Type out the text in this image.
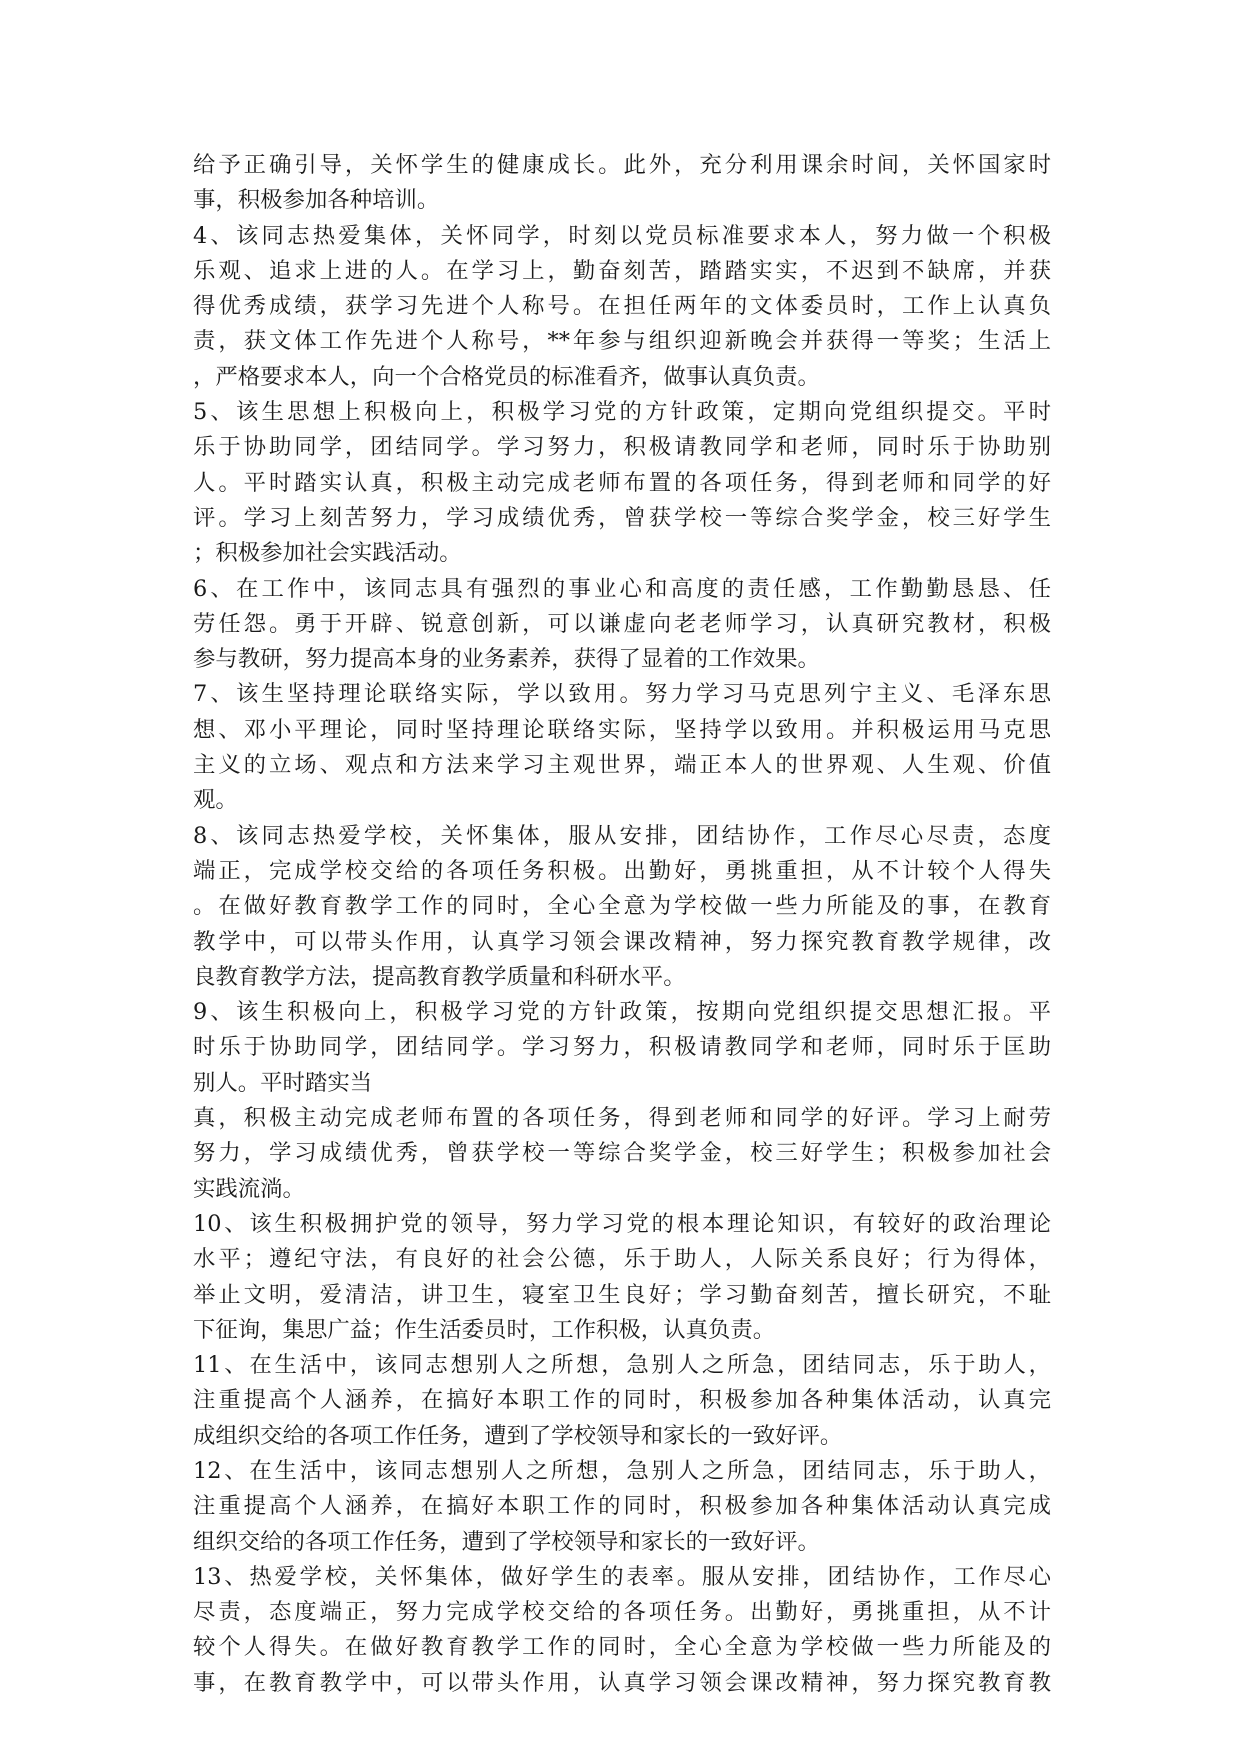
给予正确引导，关怀学生的健康成长。此外，充分利用课余时间，关怀国家时
事，积极参加各种培训。
4、该同志热爱集体，关怀同学，时刻以党员标准要求本人，努力做一个积极
乐观、追求上进的人。在学习上，勤奋刻苦，踏踏实实，不迟到不缺席，并获
得优秀成绩，获学习先进个人称号。在担任两年的文体委员时，工作上认真负
责，获文体工作先进个人称号，**年参与组织迎新晚会并获得一等奖；生活上
，严格要求本人，向一个合格党员的标准看齐，做事认真负责。
5、该生思想上积极向上，积极学习党的方针政策，定期向党组织提交。平时
乐于协助同学，团结同学。学习努力，积极请教同学和老师，同时乐于协助别
人。平时踏实认真，积极主动完成老师布置的各项任务，得到老师和同学的好
评。学习上刻苦努力，学习成绩优秀，曾获学校一等综合奖学金，校三好学生
；积极参加社会实践活动。
6、在工作中，该同志具有强烈的事业心和高度的责任感，工作勤勤恳恳、任
劳任怨。勇于开辟、锐意创新，可以谦虚向老老师学习，认真研究教材，积极
参与教研，努力提高本身的业务素养，获得了显着的工作效果。
7、该生坚持理论联络实际，学以致用。努力学习马克思列宁主义、毛泽东思
想、邓小平理论，同时坚持理论联络实际，坚持学以致用。并积极运用马克思
主义的立场、观点和方法来学习主观世界，端正本人的世界观、人生观、价值
观。
8、该同志热爱学校，关怀集体，服从安排，团结协作，工作尽心尽责，态度
端正，完成学校交给的各项任务积极。出勤好，勇挑重担，从不计较个人得失
。在做好教育教学工作的同时，全心全意为学校做一些力所能及的事，在教育
教学中，可以带头作用，认真学习领会课改精神，努力探究教育教学规律，改
良教育教学方法，提高教育教学质量和科研水平。
9、该生积极向上，积极学习党的方针政策，按期向党组织提交思想汇报。平
时乐于协助同学，团结同学。学习努力，积极请教同学和老师，同时乐于匡助
别人。平时踏实当
真，积极主动完成老师布置的各项任务，得到老师和同学的好评。学习上耐劳
努力，学习成绩优秀，曾获学校一等综合奖学金，校三好学生；积极参加社会
实践流淌。
10、该生积极拥护党的领导，努力学习党的根本理论知识，有较好的政治理论
水平；遵纪守法，有良好的社会公德，乐于助人，人际关系良好；行为得体，
举止文明，爱清洁，讲卫生，寝室卫生良好；学习勤奋刻苦，擅长研究，不耻
下征询，集思广益；作生活委员时，工作积极，认真负责。
11、在生活中，该同志想别人之所想，急别人之所急，团结同志，乐于助人，
注重提高个人涵养，在搞好本职工作的同时，积极参加各种集体活动，认真完
成组织交给的各项工作任务，遭到了学校领导和家长的一致好评。
12、在生活中，该同志想别人之所想，急别人之所急，团结同志，乐于助人，
注重提高个人涵养，在搞好本职工作的同时，积极参加各种集体活动认真完成
组织交给的各项工作任务，遭到了学校领导和家长的一致好评。
13、热爱学校，关怀集体，做好学生的表率。服从安排，团结协作，工作尽心
尽责，态度端正，努力完成学校交给的各项任务。出勤好，勇挑重担，从不计
较个人得失。在做好教育教学工作的同时，全心全意为学校做一些力所能及的
事，在教育教学中，可以带头作用，认真学习领会课改精神，努力探究教育教
